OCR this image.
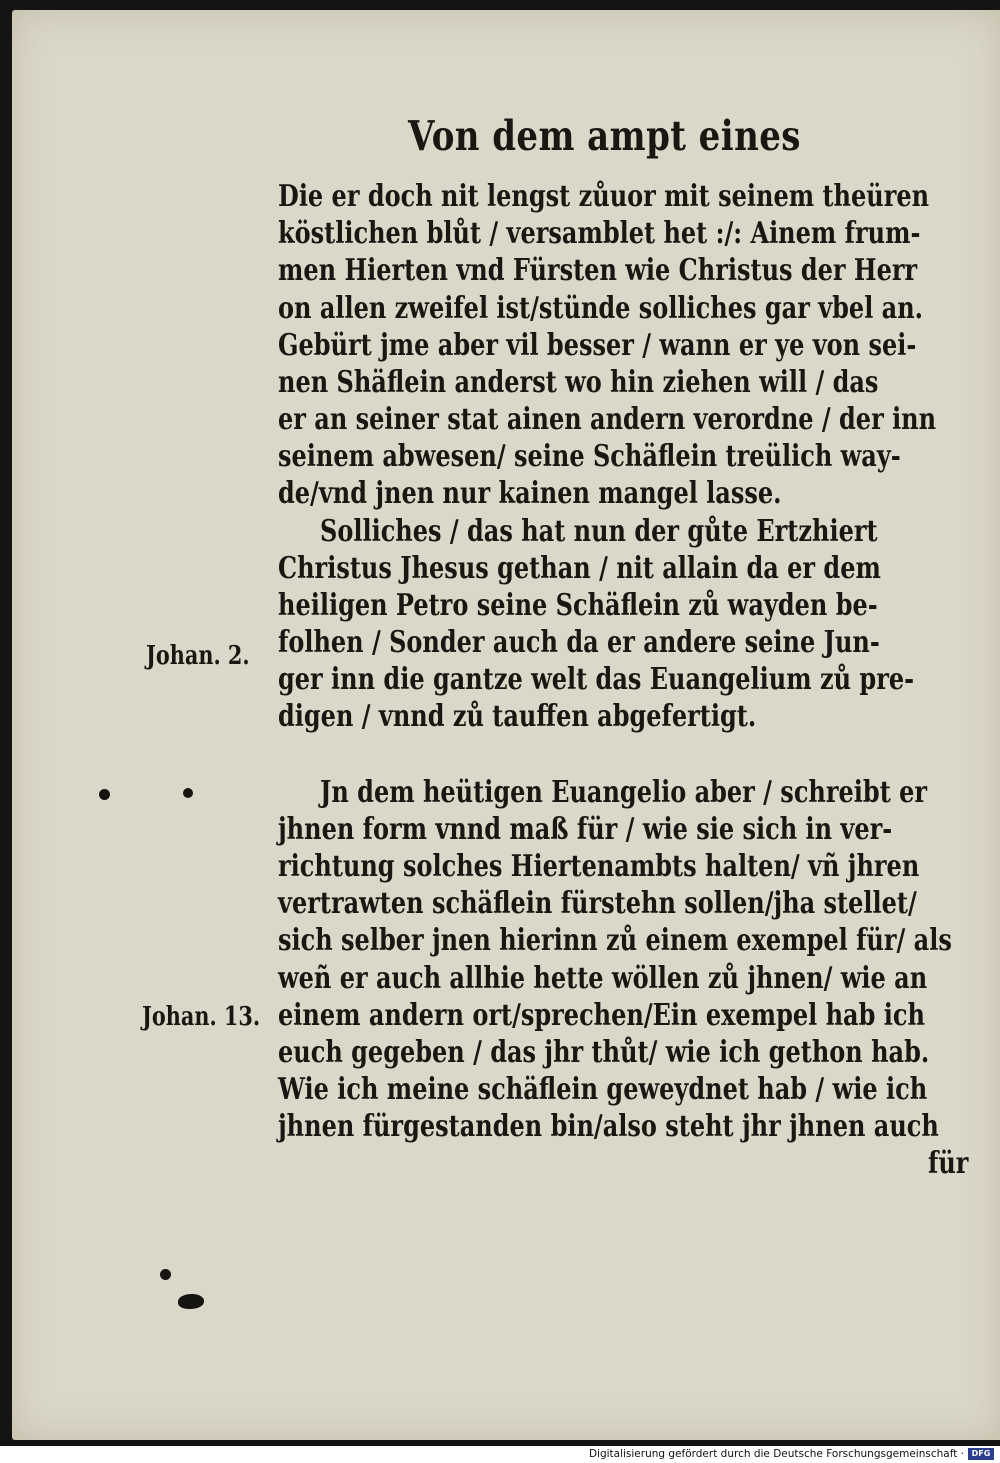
Von dem ampt eines
Die er doch nit lengst zůuor mit seinem theüren
köstlichen blůt / versamblet het :/: Ainem frum-
men Hierten vnd Fürsten wie Christus der Herr
on allen zweifel ist/stünde solliches gar vbel an.
Gebürt jme aber vil besser / wann er ye von sei-
nen Shäflein anderst wo hin ziehen will / das
er an seiner stat ainen andern verordne / der inn
seinem abwesen/ seine Schäflein treülich way-
de/vnd jnen nur kainen mangel lasse.
Solliches / das hat nun der gůte Ertzhiert
Christus Jhesus gethan / nit allain da er dem
heiligen Petro seine Schäflein zů wayden be-
folhen / Sonder auch da er andere seine Jun-
ger inn die gantze welt das Euangelium zů pre-
digen / vnnd zů tauffen abgefertigt.
Jn dem heütigen Euangelio aber / schreibt er
jhnen form vnnd maß für / wie sie sich in ver-
richtung solches Hiertenambts halten/ vñ jhren
vertrawten schäflein fürstehn sollen/jha stellet/
sich selber jnen hierinn zů einem exempel für/ als
weñ er auch allhie hette wöllen zů jhnen/ wie an
einem andern ort/sprechen/Ein exempel hab ich
euch gegeben / das jhr thůt/ wie ich gethon hab.
Wie ich meine schäflein geweydnet hab / wie ich
jhnen fürgestanden bin/also steht jhr jhnen auch
für
Johan. 2.
Johan. 13.
Digitalisierung gefördert durch die Deutsche Forschungsgemeinschaft · DFG
